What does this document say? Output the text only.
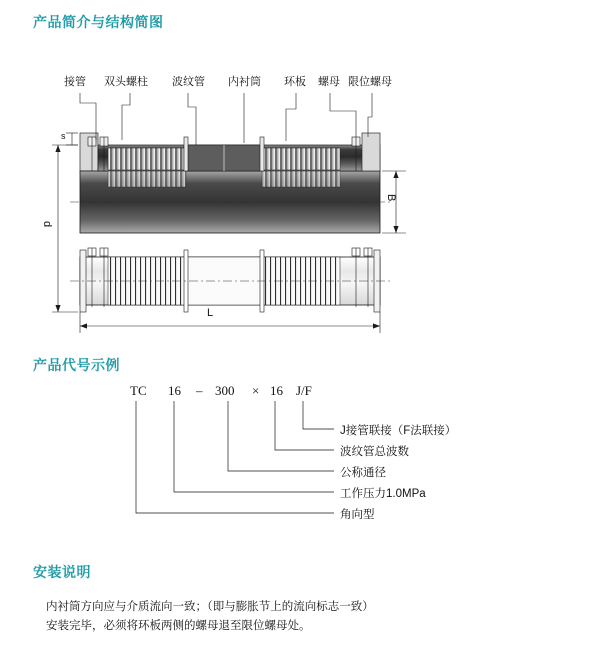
产品简介与结构简图
产品代号示例
安装说明
接管 双头螺柱 波纹管 内衬筒 环板 螺母 限位螺母
s
d
B
L
TC 16 – 300 × 16 J/F
J接管联接（F法联接）
波纹管总波数
公称通径
工作压力1.0MPa
角向型
内衬筒方向应与介质流向一致；（即与膨胀节上的流向标志一致）
安装完毕，必须将环板两侧的螺母退至限位螺母处。
